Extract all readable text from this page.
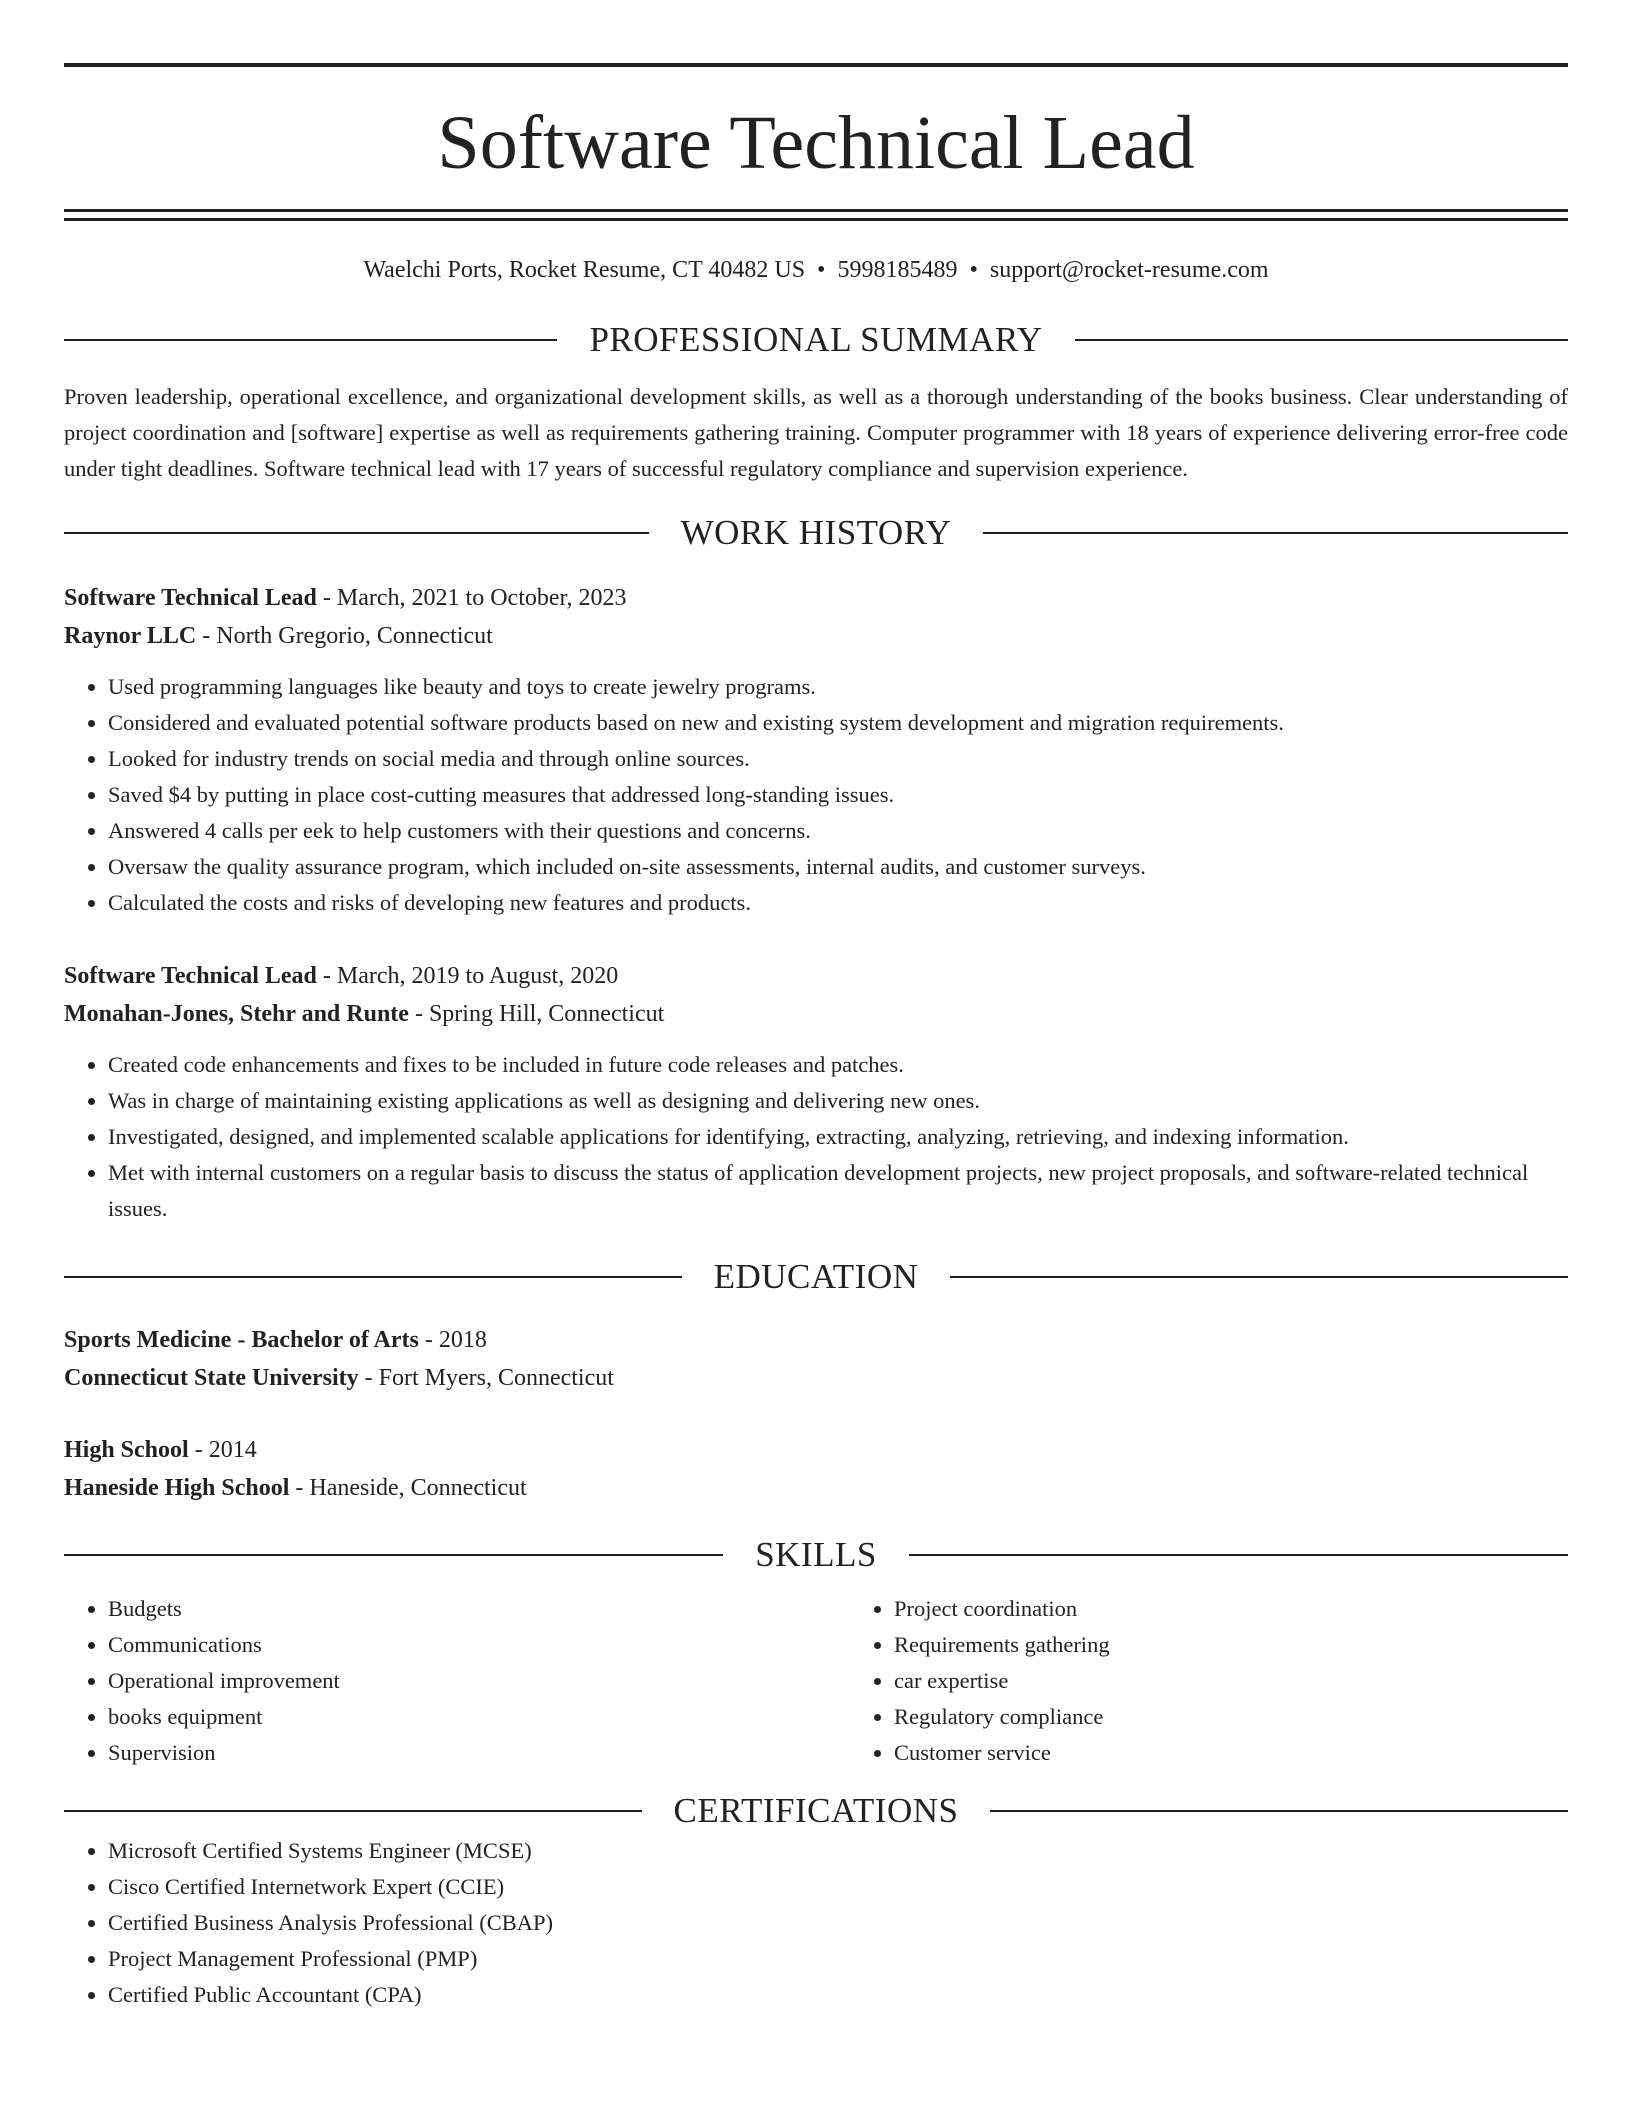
Software Technical Lead
Waelchi Ports, Rocket Resume, CT 40482 US • 5998185489 • support@rocket-resume.com
PROFESSIONAL SUMMARY
Proven leadership, operational excellence, and organizational development skills, as well as a thorough understanding of the books business. Clear understanding of project coordination and [software] expertise as well as requirements gathering training. Computer programmer with 18 years of experience delivering error-free code under tight deadlines. Software technical lead with 17 years of successful regulatory compliance and supervision experience.
WORK HISTORY
Software Technical Lead - March, 2021 to October, 2023
Raynor LLC - North Gregorio, Connecticut
• Used programming languages like beauty and toys to create jewelry programs.
• Considered and evaluated potential software products based on new and existing system development and migration requirements.
• Looked for industry trends on social media and through online sources.
• Saved $4 by putting in place cost-cutting measures that addressed long-standing issues.
• Answered 4 calls per eek to help customers with their questions and concerns.
• Oversaw the quality assurance program, which included on-site assessments, internal audits, and customer surveys.
• Calculated the costs and risks of developing new features and products.
Software Technical Lead - March, 2019 to August, 2020
Monahan-Jones, Stehr and Runte - Spring Hill, Connecticut
• Created code enhancements and fixes to be included in future code releases and patches.
• Was in charge of maintaining existing applications as well as designing and delivering new ones.
• Investigated, designed, and implemented scalable applications for identifying, extracting, analyzing, retrieving, and indexing information.
• Met with internal customers on a regular basis to discuss the status of application development projects, new project proposals, and software-related technical issues.
EDUCATION
Sports Medicine - Bachelor of Arts - 2018
Connecticut State University - Fort Myers, Connecticut
High School - 2014
Haneside High School - Haneside, Connecticut
SKILLS
• Budgets
• Communications
• Operational improvement
• books equipment
• Supervision
• Project coordination
• Requirements gathering
• car expertise
• Regulatory compliance
• Customer service
CERTIFICATIONS
• Microsoft Certified Systems Engineer (MCSE)
• Cisco Certified Internetwork Expert (CCIE)
• Certified Business Analysis Professional (CBAP)
• Project Management Professional (PMP)
• Certified Public Accountant (CPA)
